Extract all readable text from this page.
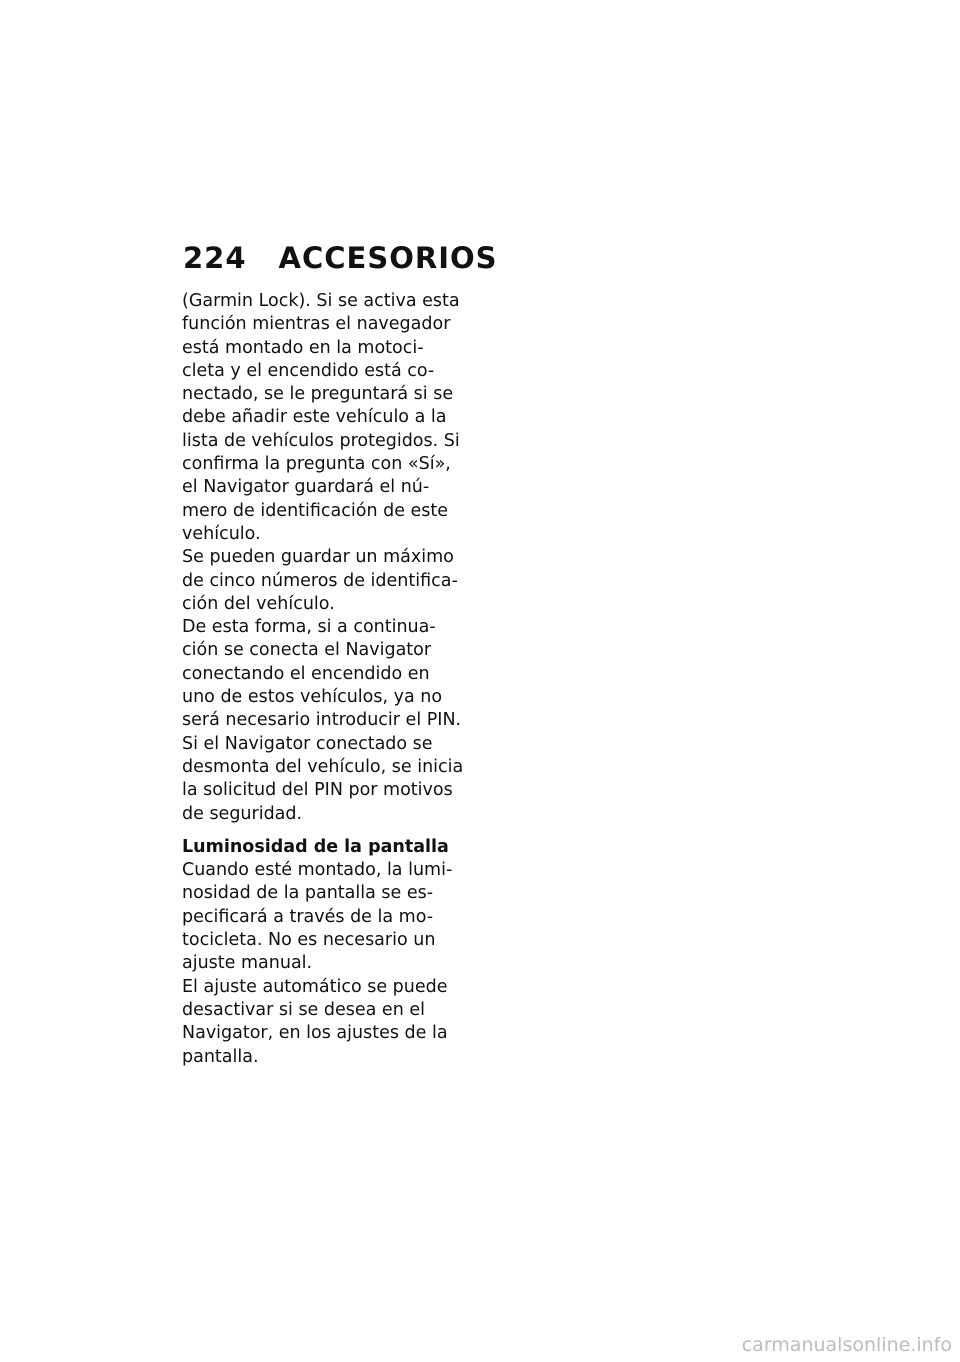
224 ACCESORIOS
(Garmin Lock). Si se activa esta
función mientras el navegador
está montado en la motoci-
cleta y el encendido está co-
nectado, se le preguntará si se
debe añadir este vehículo a la
lista de vehículos protegidos. Si
confirma la pregunta con «Sí»,
el Navigator guardará el nú-
mero de identificación de este
vehículo.
Se pueden guardar un máximo
de cinco números de identifica-
ción del vehículo.
De esta forma, si a continua-
ción se conecta el Navigator
conectando el encendido en
uno de estos vehículos, ya no
será necesario introducir el PIN.
Si el Navigator conectado se
desmonta del vehículo, se inicia
la solicitud del PIN por motivos
de seguridad.
Luminosidad de la pantalla
Cuando esté montado, la lumi-
nosidad de la pantalla se es-
pecificará a través de la mo-
tocicleta. No es necesario un
ajuste manual.
El ajuste automático se puede
desactivar si se desea en el
Navigator, en los ajustes de la
pantalla.
carmanualsonline.info
